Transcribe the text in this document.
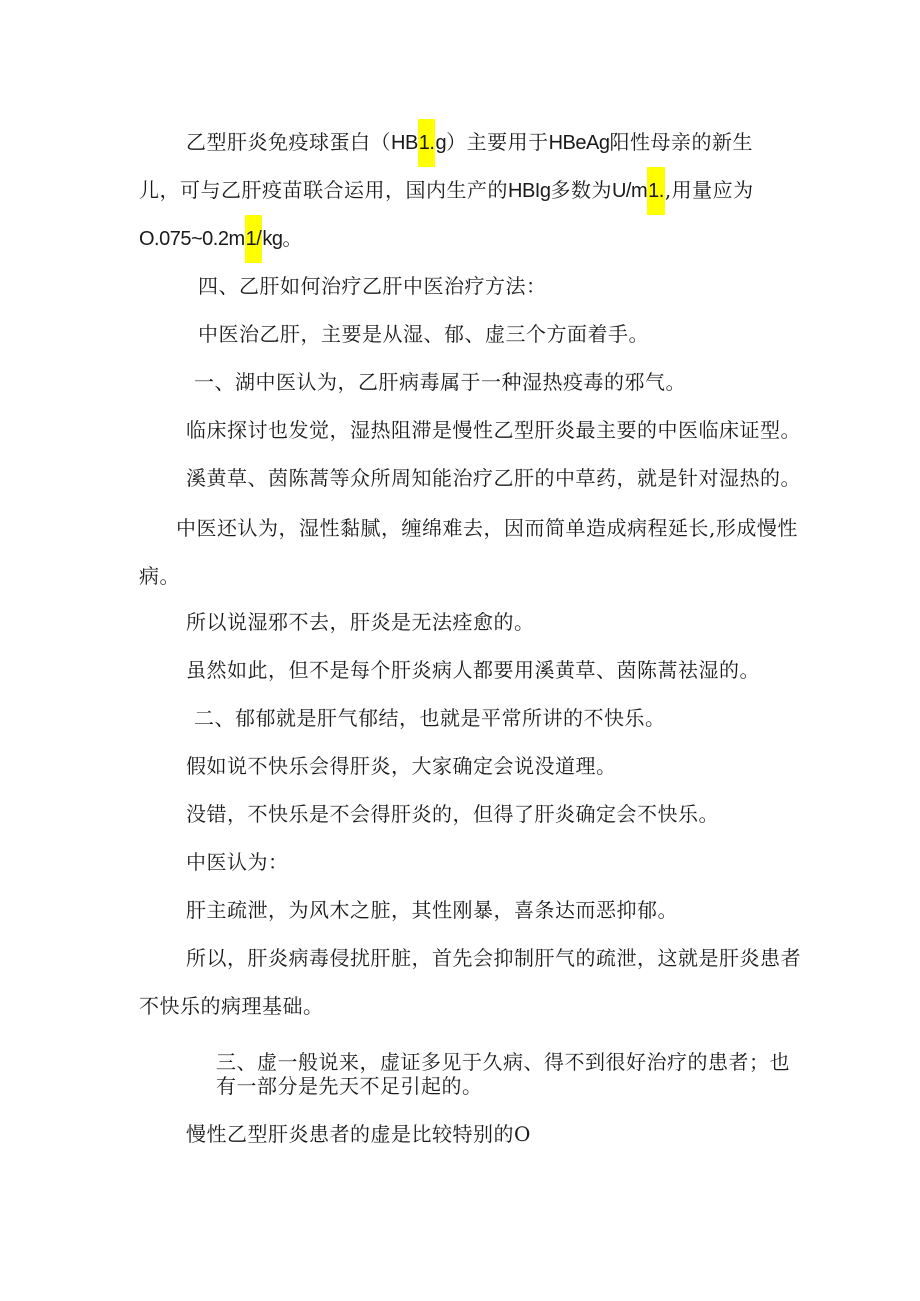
乙型肝炎免疫球蛋白（HB1.g）主要用于HBeAg阳性母亲的新生
儿，可与乙肝疫苗联合运用，国内生产的HBIg多数为U/m1.,用量应为
O.075~0.2m1/kg。
四、乙肝如何治疗乙肝中医治疗方法：
中医治乙肝，主要是从湿、郁、虚三个方面着手。
一、湖中医认为，乙肝病毒属于一种湿热疫毒的邪气。
临床探讨也发觉，湿热阻滞是慢性乙型肝炎最主要的中医临床证型。
溪黄草、茵陈蒿等众所周知能治疗乙肝的中草药，就是针对湿热的。
中医还认为，湿性黏腻，缠绵难去，因而简单造成病程延长,形成慢性
病。
所以说湿邪不去，肝炎是无法痊愈的。
虽然如此，但不是每个肝炎病人都要用溪黄草、茵陈蒿祛湿的。
二、郁郁就是肝气郁结，也就是平常所讲的不快乐。
假如说不快乐会得肝炎，大家确定会说没道理。
没错，不快乐是不会得肝炎的，但得了肝炎确定会不快乐。
中医认为：
肝主疏泄，为风木之脏，其性刚暴，喜条达而恶抑郁。
所以，肝炎病毒侵扰肝脏，首先会抑制肝气的疏泄，这就是肝炎患者
不快乐的病理基础。
三、虚一般说来，虚证多见于久病、得不到很好治疗的患者；也
有一部分是先天不足引起的。
慢性乙型肝炎患者的虚是比较特别的O
